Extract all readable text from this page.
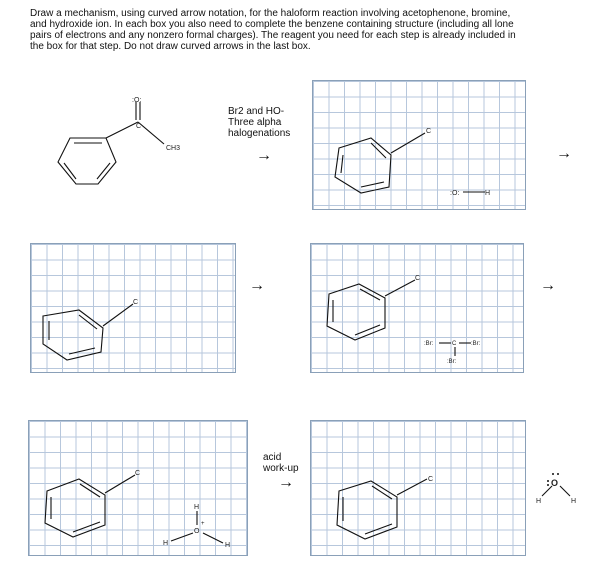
Draw a mechanism, using curved arrow notation, for the haloform reaction involving acetophenone, bromine,
and hydroxide ion. In each box you also need to complete the benzene containing structure (including all lone
pairs of electrons and any nonzero formal charges). The reagent you need for each step is already included in
the box for that step. Do not draw curved arrows in the last box.

:O:
C
CH3
Br2 and HO-
Three alpha
halogenations
→
C
:O:	H
→
C
→	C
:Br:	C :Br:
:Br:
→
C
H
O
+
H	H
acid
work-up
→	C	O
H	H
